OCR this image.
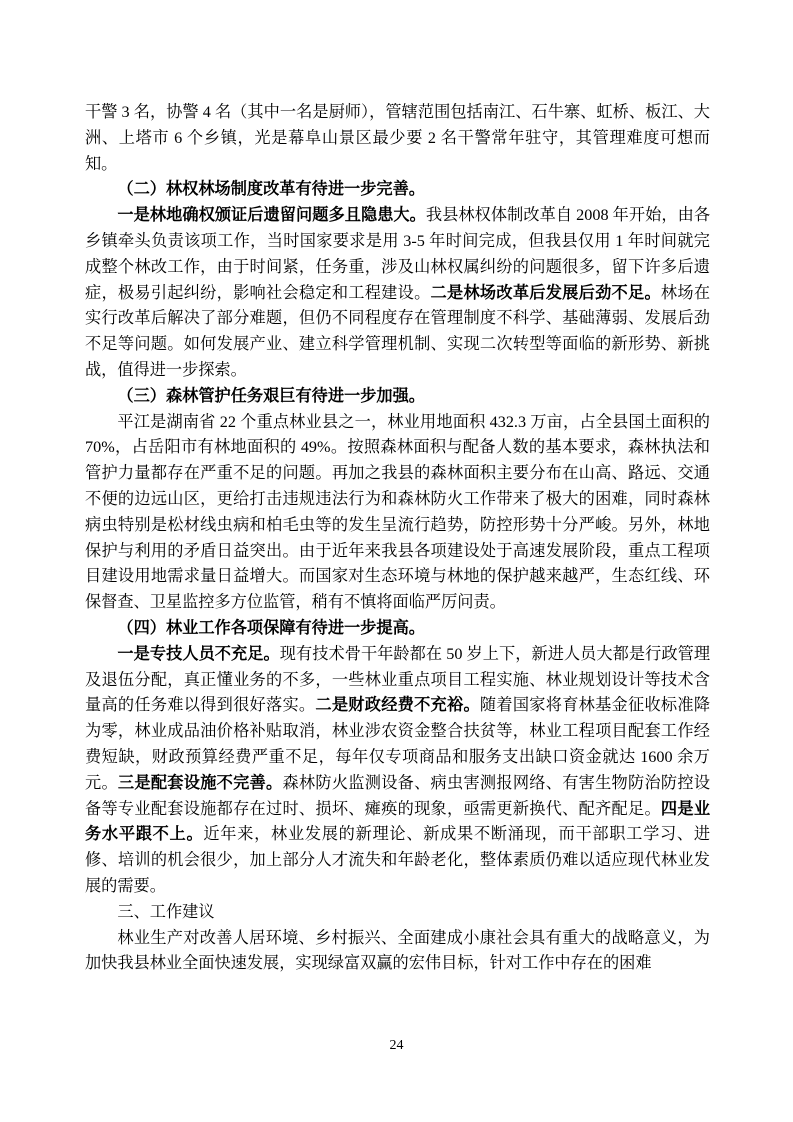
干警 3 名，协警 4 名（其中一名是厨师），管辖范围包括南江、石牛寨、虹桥、板江、大洲、上塔市 6 个乡镇，光是幕阜山景区最少要 2 名干警常年驻守，其管理难度可想而知。

（二）林权林场制度改革有待进一步完善。

一是林地确权颁证后遗留问题多且隐患大。我县林权体制改革自 2008 年开始，由各乡镇牵头负责该项工作，当时国家要求是用 3-5 年时间完成，但我县仅用 1 年时间就完成整个林改工作，由于时间紧，任务重，涉及山林权属纠纷的问题很多，留下许多后遗症，极易引起纠纷，影响社会稳定和工程建设。二是林场改革后发展后劲不足。林场在实行改革后解决了部分难题，但仍不同程度存在管理制度不科学、基础薄弱、发展后劲不足等问题。如何发展产业、建立科学管理机制、实现二次转型等面临的新形势、新挑战，值得进一步探索。

（三）森林管护任务艰巨有待进一步加强。

平江是湖南省 22 个重点林业县之一，林业用地面积 432.3 万亩，占全县国土面积的 70%，占岳阳市有林地面积的 49%。按照森林面积与配备人数的基本要求，森林执法和管护力量都存在严重不足的问题。再加之我县的森林面积主要分布在山高、路远、交通不便的边远山区，更给打击违规违法行为和森林防火工作带来了极大的困难，同时森林病虫特别是松材线虫病和柏毛虫等的发生呈流行趋势，防控形势十分严峻。另外，林地保护与利用的矛盾日益突出。由于近年来我县各项建设处于高速发展阶段，重点工程项目建设用地需求量日益增大。而国家对生态环境与林地的保护越来越严，生态红线、环保督查、卫星监控多方位监管，稍有不慎将面临严厉问责。

（四）林业工作各项保障有待进一步提高。

一是专技人员不充足。现有技术骨干年龄都在 50 岁上下，新进人员大都是行政管理及退伍分配，真正懂业务的不多，一些林业重点项目工程实施、林业规划设计等技术含量高的任务难以得到很好落实。二是财政经费不充裕。随着国家将育林基金征收标准降为零，林业成品油价格补贴取消，林业涉农资金整合扶贫等，林业工程项目配套工作经费短缺，财政预算经费严重不足，每年仅专项商品和服务支出缺口资金就达 1600 余万元。三是配套设施不完善。森林防火监测设备、病虫害测报网络、有害生物防治防控设备等专业配套设施都存在过时、损坏、瘫痪的现象，亟需更新换代、配齐配足。四是业务水平跟不上。近年来，林业发展的新理论、新成果不断涌现，而干部职工学习、进修、培训的机会很少，加上部分人才流失和年龄老化，整体素质仍难以适应现代林业发展的需要。

三、工作建议

林业生产对改善人居环境、乡村振兴、全面建成小康社会具有重大的战略意义，为加快我县林业全面快速发展，实现绿富双赢的宏伟目标，针对工作中存在的困难

24
